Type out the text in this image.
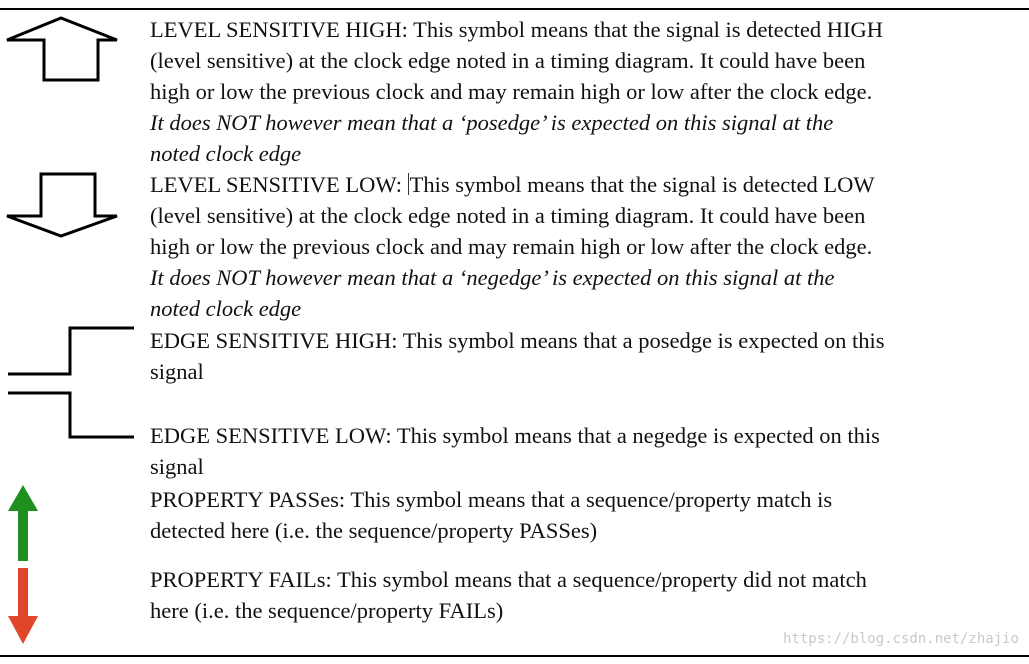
LEVEL SENSITIVE HIGH: This symbol means that the signal is detected HIGH
(level sensitive) at the clock edge noted in a timing diagram. It could have been
high or low the previous clock and may remain high or low after the clock edge.
It does NOT however mean that a ‘posedge’ is expected on this signal at the
noted clock edge
LEVEL SENSITIVE LOW: This symbol means that the signal is detected LOW
(level sensitive) at the clock edge noted in a timing diagram. It could have been
high or low the previous clock and may remain high or low after the clock edge.
It does NOT however mean that a ‘negedge’ is expected on this signal at the
noted clock edge
EDGE SENSITIVE HIGH: This symbol means that a posedge is expected on this
signal
EDGE SENSITIVE LOW: This symbol means that a negedge is expected on this
signal
PROPERTY PASSes: This symbol means that a sequence/property match is
detected here (i.e. the sequence/property PASSes)
PROPERTY FAILs: This symbol means that a sequence/property did not match
here (i.e. the sequence/property FAILs)
https://blog.csdn.net/zhajio
